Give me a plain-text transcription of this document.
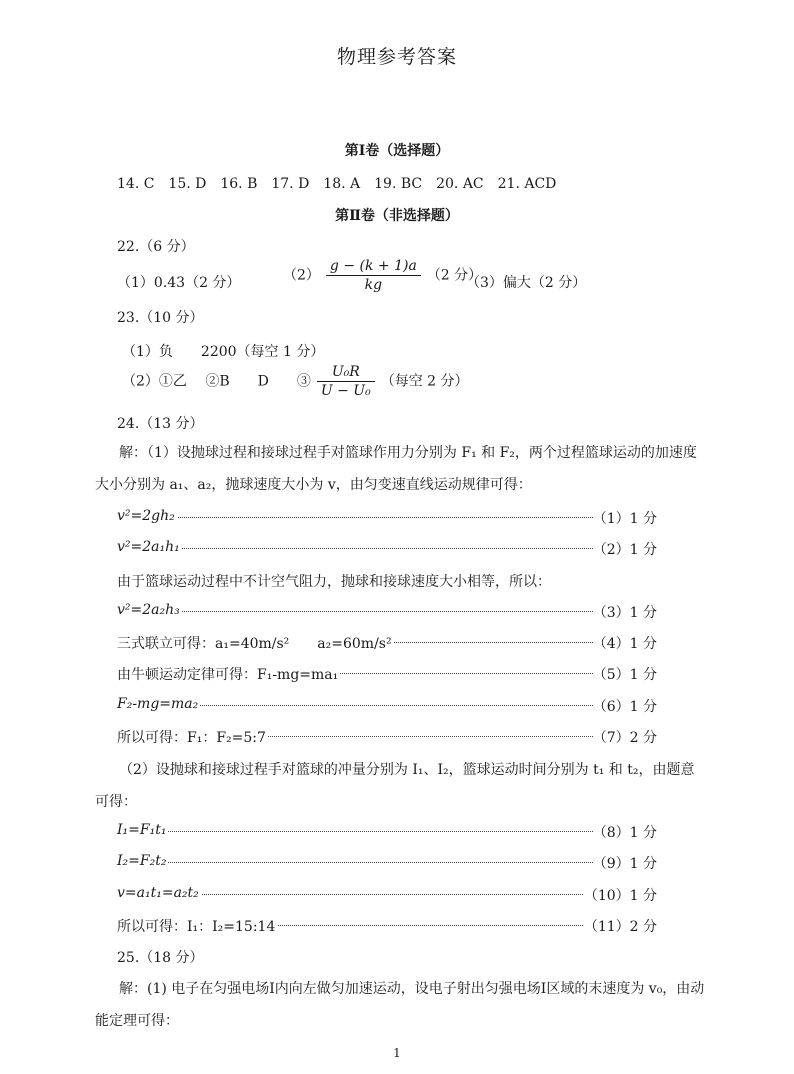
物理参考答案
第Ⅰ卷（选择题）
14. C　15. D　16. B　17. D　18. A　19. BC　20. AC　21. ACD
第Ⅱ卷（非选择题）
22.（6 分）
（1）0.43（2 分）	$(2) \frac{g - (k + 1)a}{kg} (2$ 分）
（3）偏大（2 分）
23.（10 分）
（1）负　　2200（每空 1 分）
（2）①乙　 ②B　　D　　③ $\frac{\text{U₀R}}{\text{U − U₀}}$ （每空 2 分）
24.（13 分）
解：（1）设抛球过程和接球过程手对篮球作用力分别为 F₁ 和 F₂，两个过程篮球运动的加速度大小分别为 a₁、a₂，抛球速度大小为 v，由匀变速直线运动规律可得：
v²=2gh₂	（1）1 分
v²=2a₁h₁	（2）1 分
由于篮球运动过程中不计空气阻力，抛球和接球速度大小相等，所以：
v²=2a₂h₃	（3）1 分
三式联立可得：a₁=40m/s²　　a₂=60m/s²	（4）1 分
由牛顿运动定律可得：F₁-mg=ma₁	（5）1 分
F₂-mg=ma₂	（6）1 分
所以可得：F₁：F₂=5:7	（7）2 分
（2）设抛球和接球过程手对篮球的冲量分别为 I₁、I₂，篮球运动时间分别为 t₁ 和 t₂，由题意可得：
I₁=F₁t₁	（8）1 分
I₂=F₂t₂	（9）1 分
v=a₁t₁=a₂t₂	（10）1 分
所以可得：I₁：I₂=15:14	（11）2 分
25.（18 分）
解：(1) 电子在匀强电场Ⅰ内向左做匀加速运动，设电子射出匀强电场Ⅰ区域的末速度为 v₀，由动能定理可得：
1
